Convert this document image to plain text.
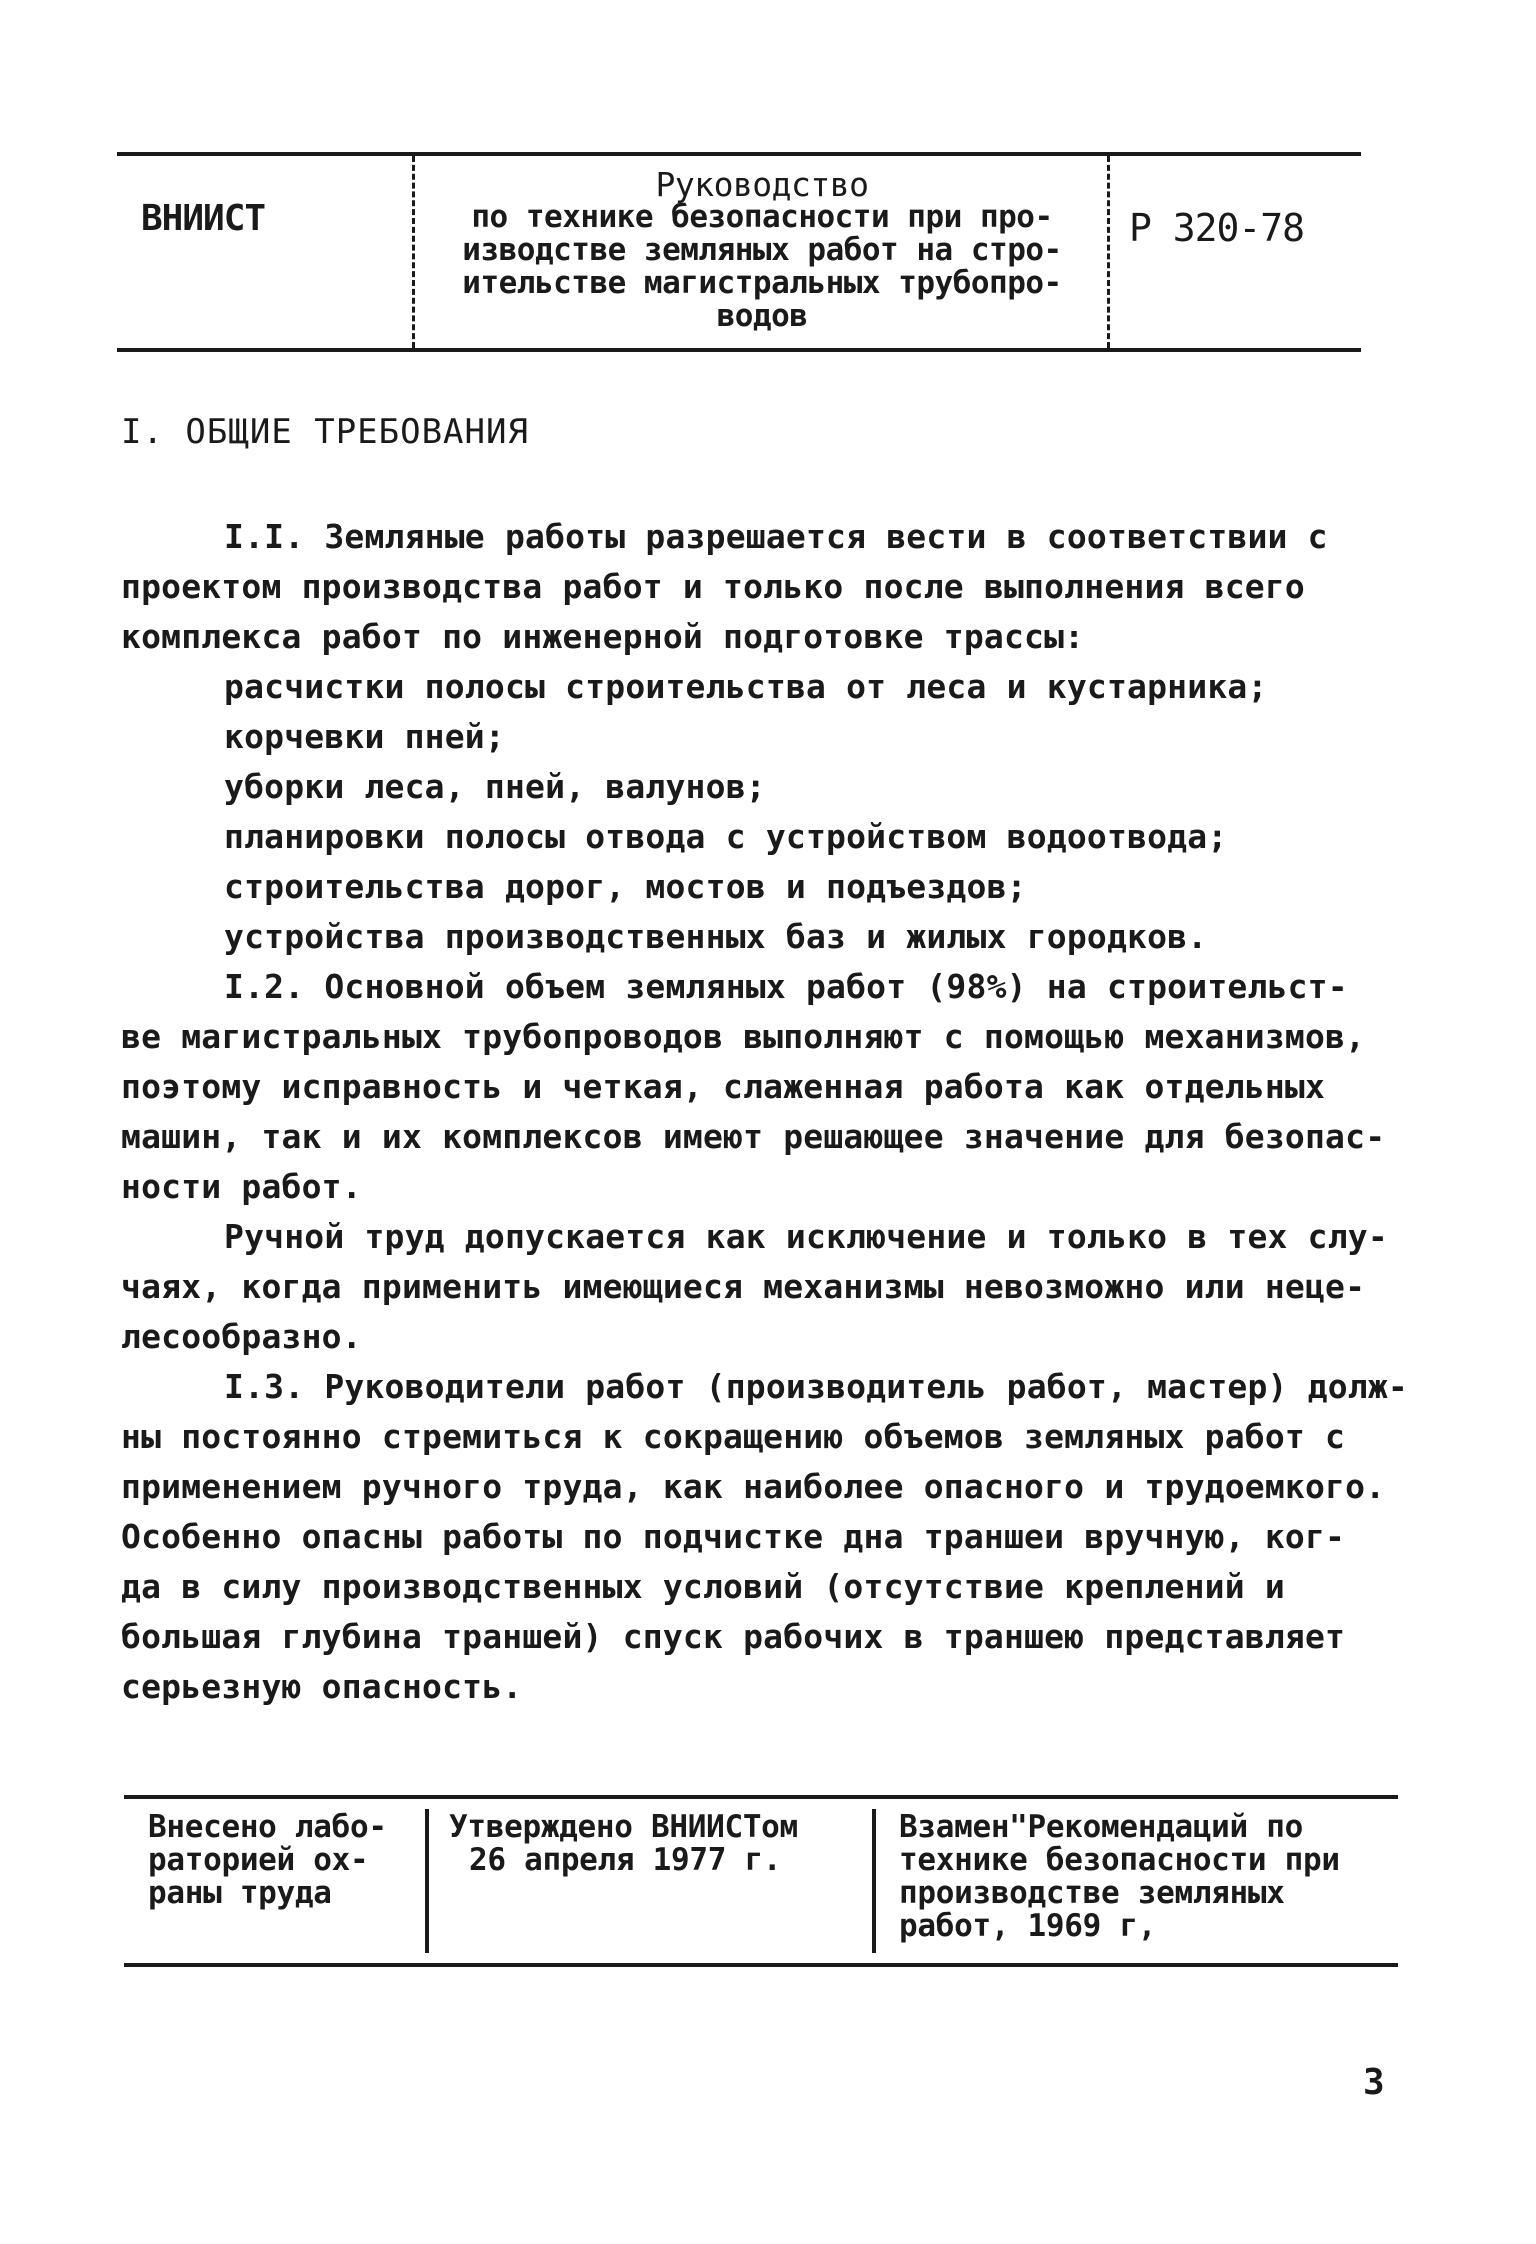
ВНИИСТ
Руководство
по технике безопасности при про-
изводстве земляных работ на стро-
ительстве магистральных трубопро-
водов
Р 320-78
I. ОБЩИЕ ТРЕБОВАНИЯ
I.I. Земляные работы разрешается вести в соответствии с
проектом производства работ и только после выполнения всего
комплекса работ по инженерной подготовке трассы:
расчистки полосы строительства от леса и кустарника;
корчевки пней;
уборки леса, пней, валунов;
планировки полосы отвода с устройством водоотвода;
строительства дорог, мостов и подъездов;
устройства производственных баз и жилых городков.
I.2. Основной объем земляных работ (98%) на строительст-
ве магистральных трубопроводов выполняют с помощью механизмов,
поэтому исправность и четкая, слаженная работа как отдельных
машин, так и их комплексов имеют решающее значение для безопас-
ности работ.
Ручной труд допускается как исключение и только в тех слу-
чаях, когда применить имеющиеся механизмы невозможно или неце-
лесообразно.
I.3. Руководители работ (производитель работ, мастер) долж-
ны постоянно стремиться к сокращению объемов земляных работ с
применением ручного труда, как наиболее опасного и трудоемкого.
Особенно опасны работы по подчистке дна траншеи вручную, ког-
да в силу производственных условий (отсутствие креплений и
большая глубина траншей) спуск рабочих в траншею представляет
серьезную опасность.
Внесено лабо-
раторией ох-
раны труда
Утверждено ВНИИСТом
26 апреля 1977 г.
Взамен"Рекомендаций по
технике безопасности при
производстве земляных
работ, 1969 г,
3
